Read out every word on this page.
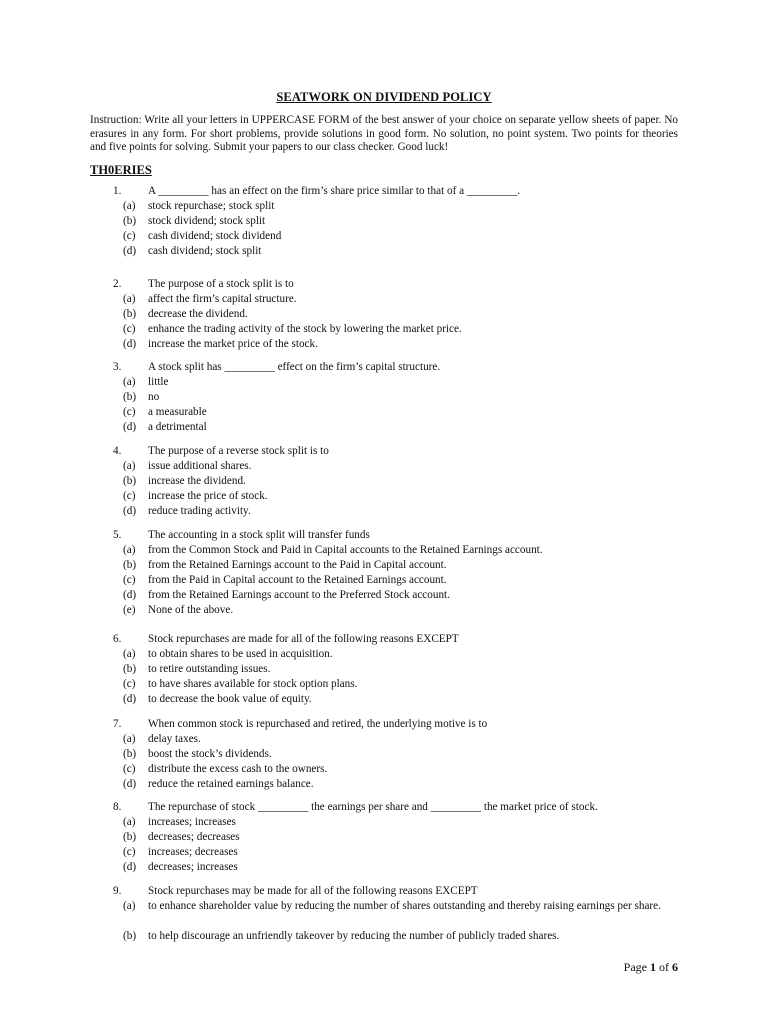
SEATWORK ON DIVIDEND POLICY
Instruction: Write all your letters in UPPERCASE FORM of the best answer of your choice on separate yellow sheets of paper. No erasures in any form. For short problems, provide solutions in good form. No solution, no point system. Two points for theories and five points for solving. Submit your papers to our class checker. Good luck!
TH0ERIES
1. A _________ has an effect on the firm’s share price similar to that of a _________.
(a) stock repurchase; stock split
(b) stock dividend; stock split
(c) cash dividend; stock dividend
(d) cash dividend; stock split
2. The purpose of a stock split is to
(a) affect the firm’s capital structure.
(b) decrease the dividend.
(c) enhance the trading activity of the stock by lowering the market price.
(d) increase the market price of the stock.
3. A stock split has _________ effect on the firm’s capital structure.
(a) little
(b) no
(c) a measurable
(d) a detrimental
4. The purpose of a reverse stock split is to
(a) issue additional shares.
(b) increase the dividend.
(c) increase the price of stock.
(d) reduce trading activity.
5. The accounting in a stock split will transfer funds
(a) from the Common Stock and Paid in Capital accounts to the Retained Earnings account.
(b) from the Retained Earnings account to the Paid in Capital account.
(c) from the Paid in Capital account to the Retained Earnings account.
(d) from the Retained Earnings account to the Preferred Stock account.
(e) None of the above.
6. Stock repurchases are made for all of the following reasons EXCEPT
(a) to obtain shares to be used in acquisition.
(b) to retire outstanding issues.
(c) to have shares available for stock option plans.
(d) to decrease the book value of equity.
7. When common stock is repurchased and retired, the underlying motive is to
(a) delay taxes.
(b) boost the stock’s dividends.
(c) distribute the excess cash to the owners.
(d) reduce the retained earnings balance.
8. The repurchase of stock _________ the earnings per share and _________ the market price of stock.
(a) increases; increases
(b) decreases; decreases
(c) increases; decreases
(d) decreases; increases
9. Stock repurchases may be made for all of the following reasons EXCEPT
(a) to enhance shareholder value by reducing the number of shares outstanding and thereby raising earnings per share.
(b) to help discourage an unfriendly takeover by reducing the number of publicly traded shares.
Page 1 of 6
